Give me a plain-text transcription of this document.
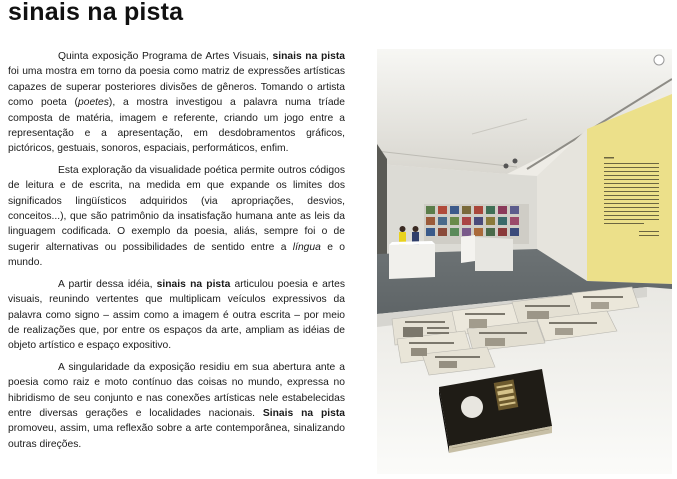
sinais na pista

Quinta exposição Programa de Artes Visuais, sinais na pista foi uma mostra em torno da poesia como matriz de expressões artísticas capazes de superar posteriores divisões de gêneros. Tomando o artista como poeta (poetes), a mostra investigou a palavra numa tríade composta de matéria, imagem e referente, criando um jogo entre a representação e a apresentação, em desdobramentos gráficos, pictóricos, gestuais, sonoros, espaciais, performáticos, enfim.

Esta exploração da visualidade poética permite outros códigos de leitura e de escrita, na medida em que expande os limites dos significados lingüísticos adquiridos (via apropriações, desvios, conceitos...), que são patrimônio da insatisfação humana ante as leis da linguagem codificada. O exemplo da poesia, aliás, sempre foi o de sugerir alternativas ou possibilidades de sentido entre a língua e o mundo.

A partir dessa idéia, sinais na pista articulou poesia e artes visuais, reunindo vertentes que multiplicam veículos expressivos da palavra como signo – assim como a imagem é outra escrita – por meio de realizações que, por entre os espaços da arte, ampliam as idéias de objeto artístico e espaço expositivo.

A singularidade da exposição residiu em sua abertura ante a poesia como raiz e moto contínuo das coisas no mundo, expressa no hibridismo de seu conjunto e nas conexões artísticas nele estabelecidas entre diversas gerações e localidades nacionais. Sinais na pista promoveu, assim, uma reflexão sobre a arte contemporânea, sinalizando outras direções.
